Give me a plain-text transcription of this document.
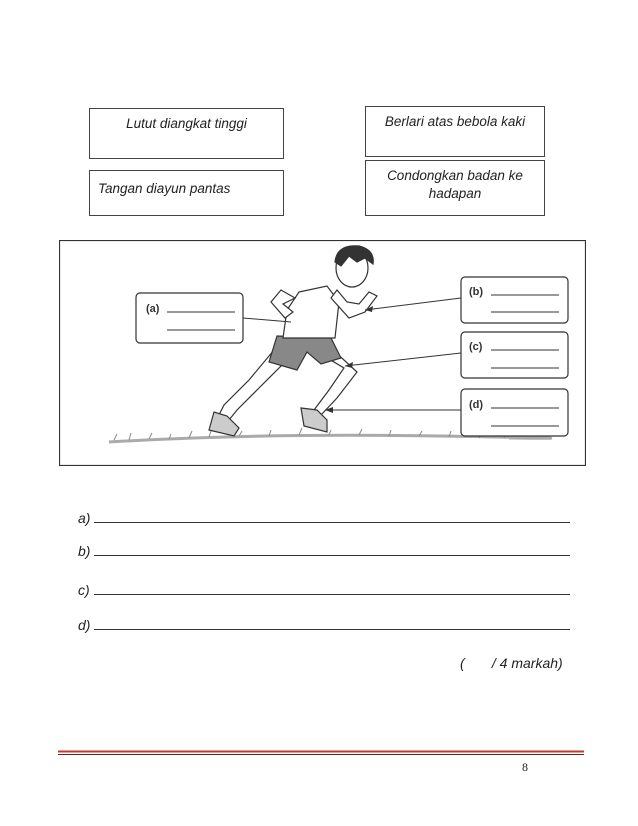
Lutut diangkat tinggi	Berlari atas bebola kaki
Tangan diayun pantas
Condongkan badan ke hadapan
(a)
(b)
(c)
(d)
a)
b)
c)
d)
(       / 4 markah)
8
